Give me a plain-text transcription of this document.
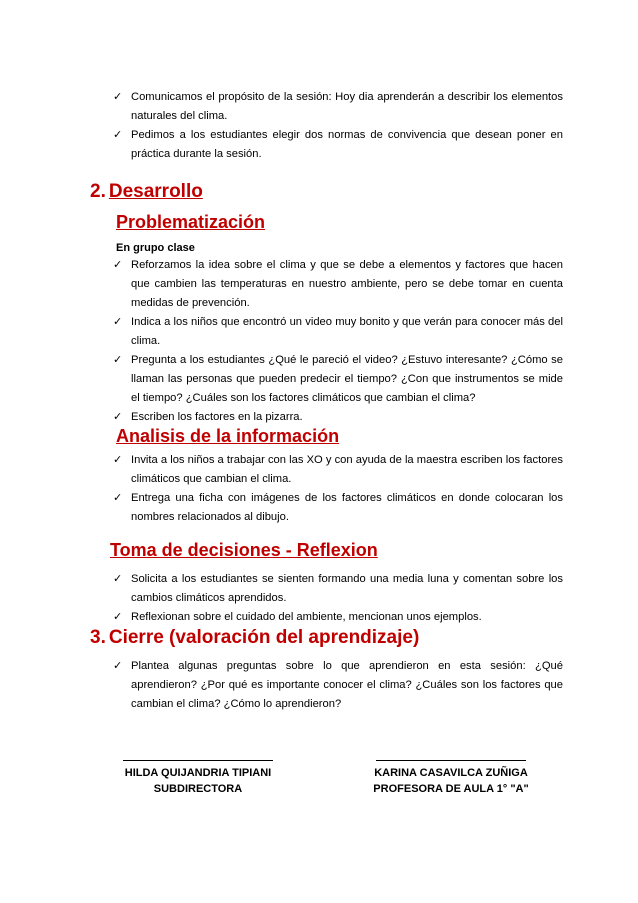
✓ Comunicamos el propósito de la sesión: Hoy dia aprenderán a describir los elementos naturales del clima.
✓ Pedimos a los estudiantes elegir dos normas de convivencia que desean poner en práctica durante la sesión.
2. Desarrollo
Problematización
En grupo clase
✓ Reforzamos la idea sobre el clima y que se debe a elementos y factores que hacen que cambien las temperaturas en nuestro ambiente, pero se debe tomar en cuenta medidas de prevención.
✓ Indica a los niños que encontró un video muy bonito y que verán para conocer más del clima.
✓ Pregunta a los estudiantes ¿Qué le pareció el video? ¿Estuvo interesante? ¿Cómo se llaman las personas que pueden predecir el tiempo? ¿Con que instrumentos se mide el tiempo? ¿Cuáles son los factores climáticos que cambian el clima?
✓ Escriben los factores en la pizarra.
Analisis de la información
✓ Invita a los niños a trabajar con las XO y con ayuda de la maestra escriben los factores climáticos que cambian el clima.
✓ Entrega una ficha con imágenes de los factores climáticos en donde colocaran los nombres relacionados al dibujo.
Toma de decisiones - Reflexion
✓ Solicita a los estudiantes se sienten formando una media luna y comentan sobre los cambios climáticos aprendidos.
✓ Reflexionan sobre el cuidado del ambiente, mencionan unos ejemplos.
3. Cierre (valoración del aprendizaje)
✓ Plantea algunas preguntas sobre lo que aprendieron en esta sesión: ¿Qué aprendieron? ¿Por qué es importante conocer el clima? ¿Cuáles son los factores que cambian el clima? ¿Cómo lo aprendieron?
HILDA QUIJANDRIA TIPIANI
SUBDIRECTORA
KARINA CASAVILCA ZUÑIGA
PROFESORA DE AULA 1° "A"
